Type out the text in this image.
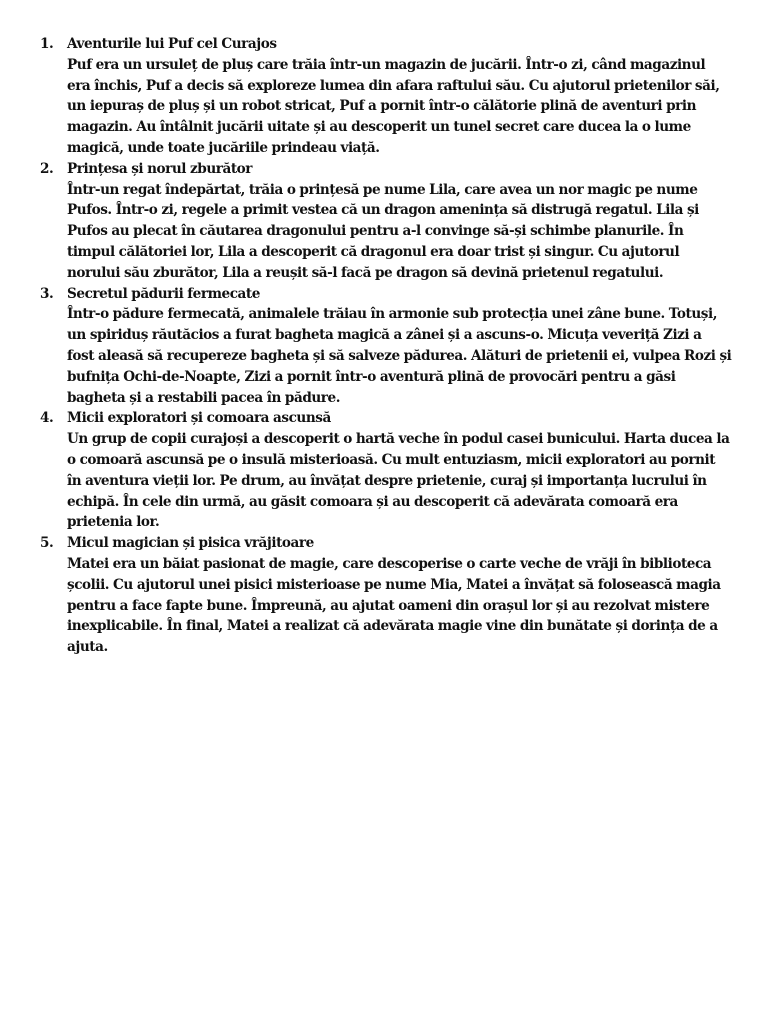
1.	Aventurile lui Puf cel Curajos
Puf era un ursuleț de pluș care trăia într-un magazin de jucării. Într-o zi, când magazinul era închis, Puf a decis să exploreze lumea din afara raftului său. Cu ajutorul prietenilor săi, un iepuraș de pluș și un robot stricat, Puf a pornit într-o călătorie plină de aventuri prin magazin. Au întâlnit jucării uitate și au descoperit un tunel secret care ducea la o lume magică, unde toate jucăriile prindeau viață.
2.	Prințesa și norul zburător
Într-un regat îndepărtat, trăia o prințesă pe nume Lila, care avea un nor magic pe nume Pufos. Într-o zi, regele a primit vestea că un dragon amenința să distrugă regatul. Lila și Pufos au plecat în căutarea dragonului pentru a-l convinge să-și schimbe planurile. În timpul călătoriei lor, Lila a descoperit că dragonul era doar trist și singur. Cu ajutorul norului său zburător, Lila a reușit să-l facă pe dragon să devină prietenul regatului.
3.	Secretul pădurii fermecate
Într-o pădure fermecată, animalele trăiau în armonie sub protecția unei zâne bune. Totuși, un spiriduș răutăcios a furat bagheta magică a zânei și a ascuns-o. Micuța veveriță Zizi a fost aleasă să recupereze bagheta și să salveze pădurea. Alături de prietenii ei, vulpea Rozi și bufnița Ochi-de-Noapte, Zizi a pornit într-o aventură plină de provocări pentru a găsi bagheta și a restabili pacea în pădure.
4.	Micii exploratori și comoara ascunsă
Un grup de copii curajoși a descoperit o hartă veche în podul casei bunicului. Harta ducea la o comoară ascunsă pe o insulă misterioasă. Cu mult entuziasm, micii exploratori au pornit în aventura vieții lor. Pe drum, au învățat despre prietenie, curaj și importanța lucrului în echipă. În cele din urmă, au găsit comoara și au descoperit că adevărata comoară era prietenia lor.
5.	Micul magician și pisica vrăjitoare
Matei era un băiat pasionat de magie, care descoperise o carte veche de vrăji în biblioteca școlii. Cu ajutorul unei pisici misterioase pe nume Mia, Matei a învățat să folosească magia pentru a face fapte bune. Împreună, au ajutat oameni din orașul lor și au rezolvat mistere inexplicabile. În final, Matei a realizat că adevărata magie vine din bunătate și dorința de a ajuta.
